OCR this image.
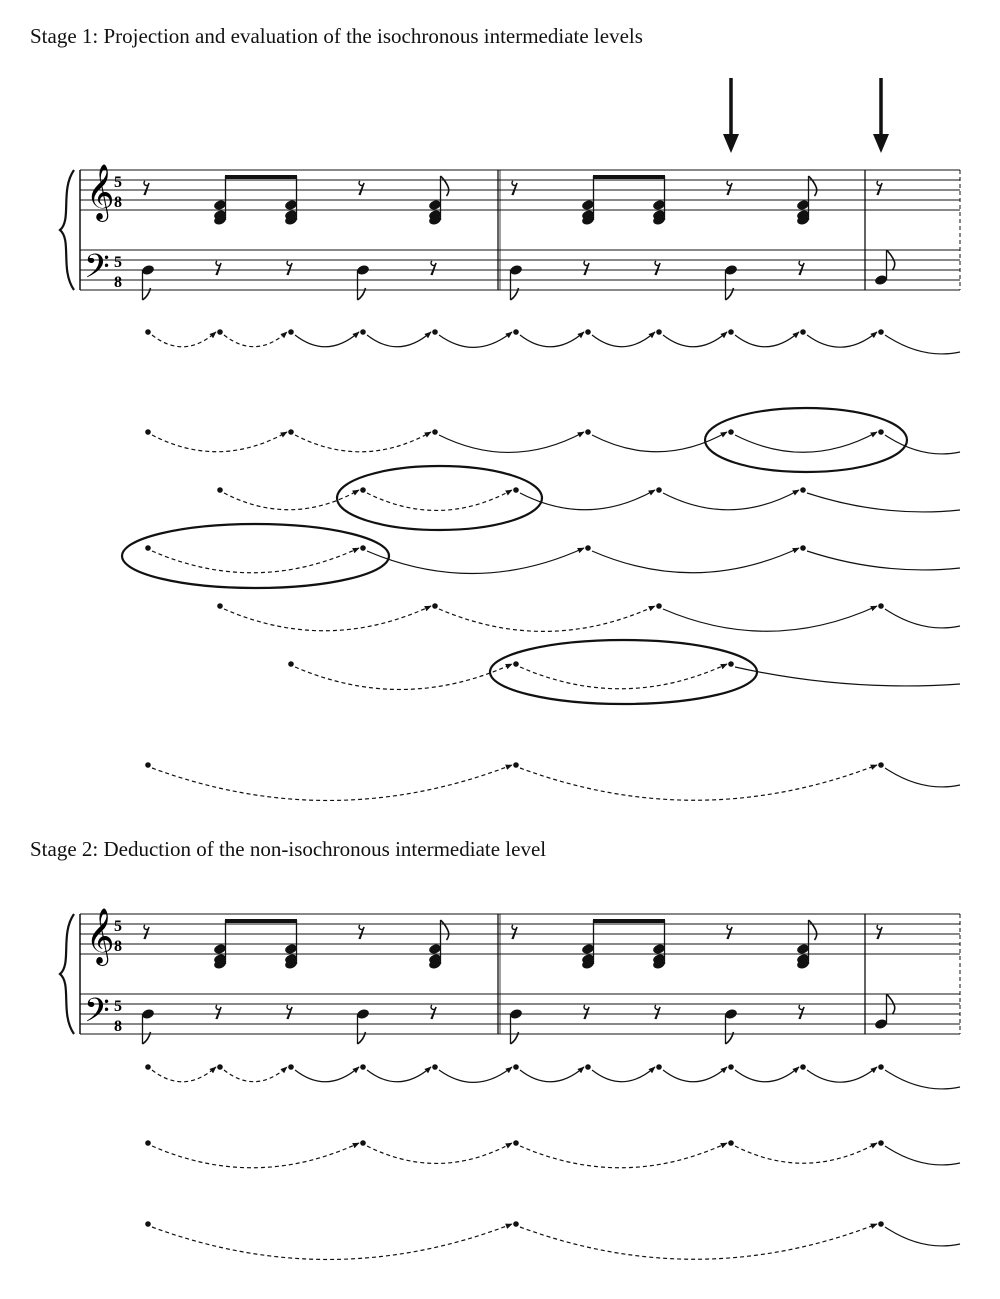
Stage 1: Projection and evaluation of the isochronous intermediate levels
Stage 2: Deduction of the non-isochronous intermediate level
𝄞
𝄢
5
8
5
8
𝄞
𝄢
5
8
5
8
